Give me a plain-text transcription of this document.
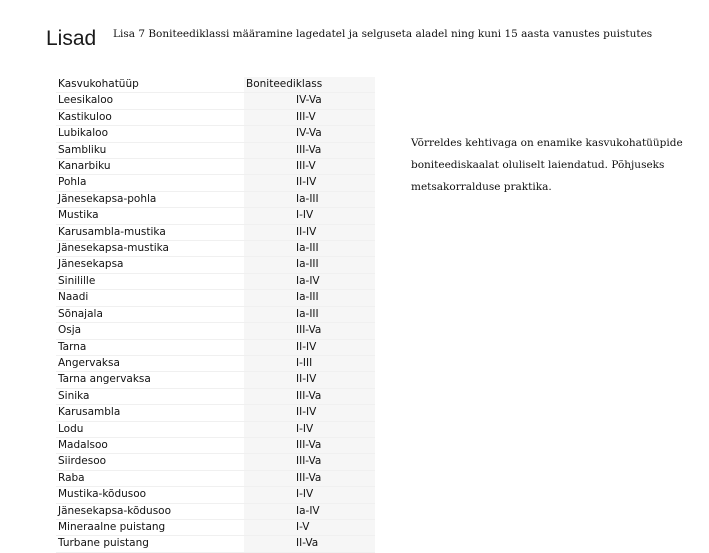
Lisad Lisa 7 Boniteediklassi määramine lagedatel ja selguseta aladel ning kuni 15 aasta vanustes puistutes
Kasvukohatüüp		Boniteediklass

Leesikaloo		IV-Va

Kastikuloo		III-V

Lubikaloo		IV-Va

Sambliku		III-Va

Kanarbiku		III-V

Pohla		II-IV

Jänesekapsa-pohla		Ia-III

Mustika		I-IV

Karusambla-mustika		II-IV

Jänesekapsa-mustika		Ia-III

Jänesekapsa		Ia-III

Sinilille		Ia-IV

Naadi		Ia-III

Sõnajala		Ia-III

Osja		III-Va

Tarna		II-IV

Angervaksa		I-III

Tarna angervaksa		II-IV

Sinika		III-Va

Karusambla		II-IV

Lodu		I-IV

Madalsoo		III-Va

Siirdesoo		III-Va

Raba		III-Va

Mustika-kõdusoo		I-IV

Jänesekapsa-kõdusoo		Ia-IV

Mineraalne puistang		I-V

Turbane puistang		II-Va
Võrreldes kehtivaga on enamike kasvukohatüüpide boniteediskaalat oluliselt laiendatud. Põhjuseks metsakorralduse praktika.
